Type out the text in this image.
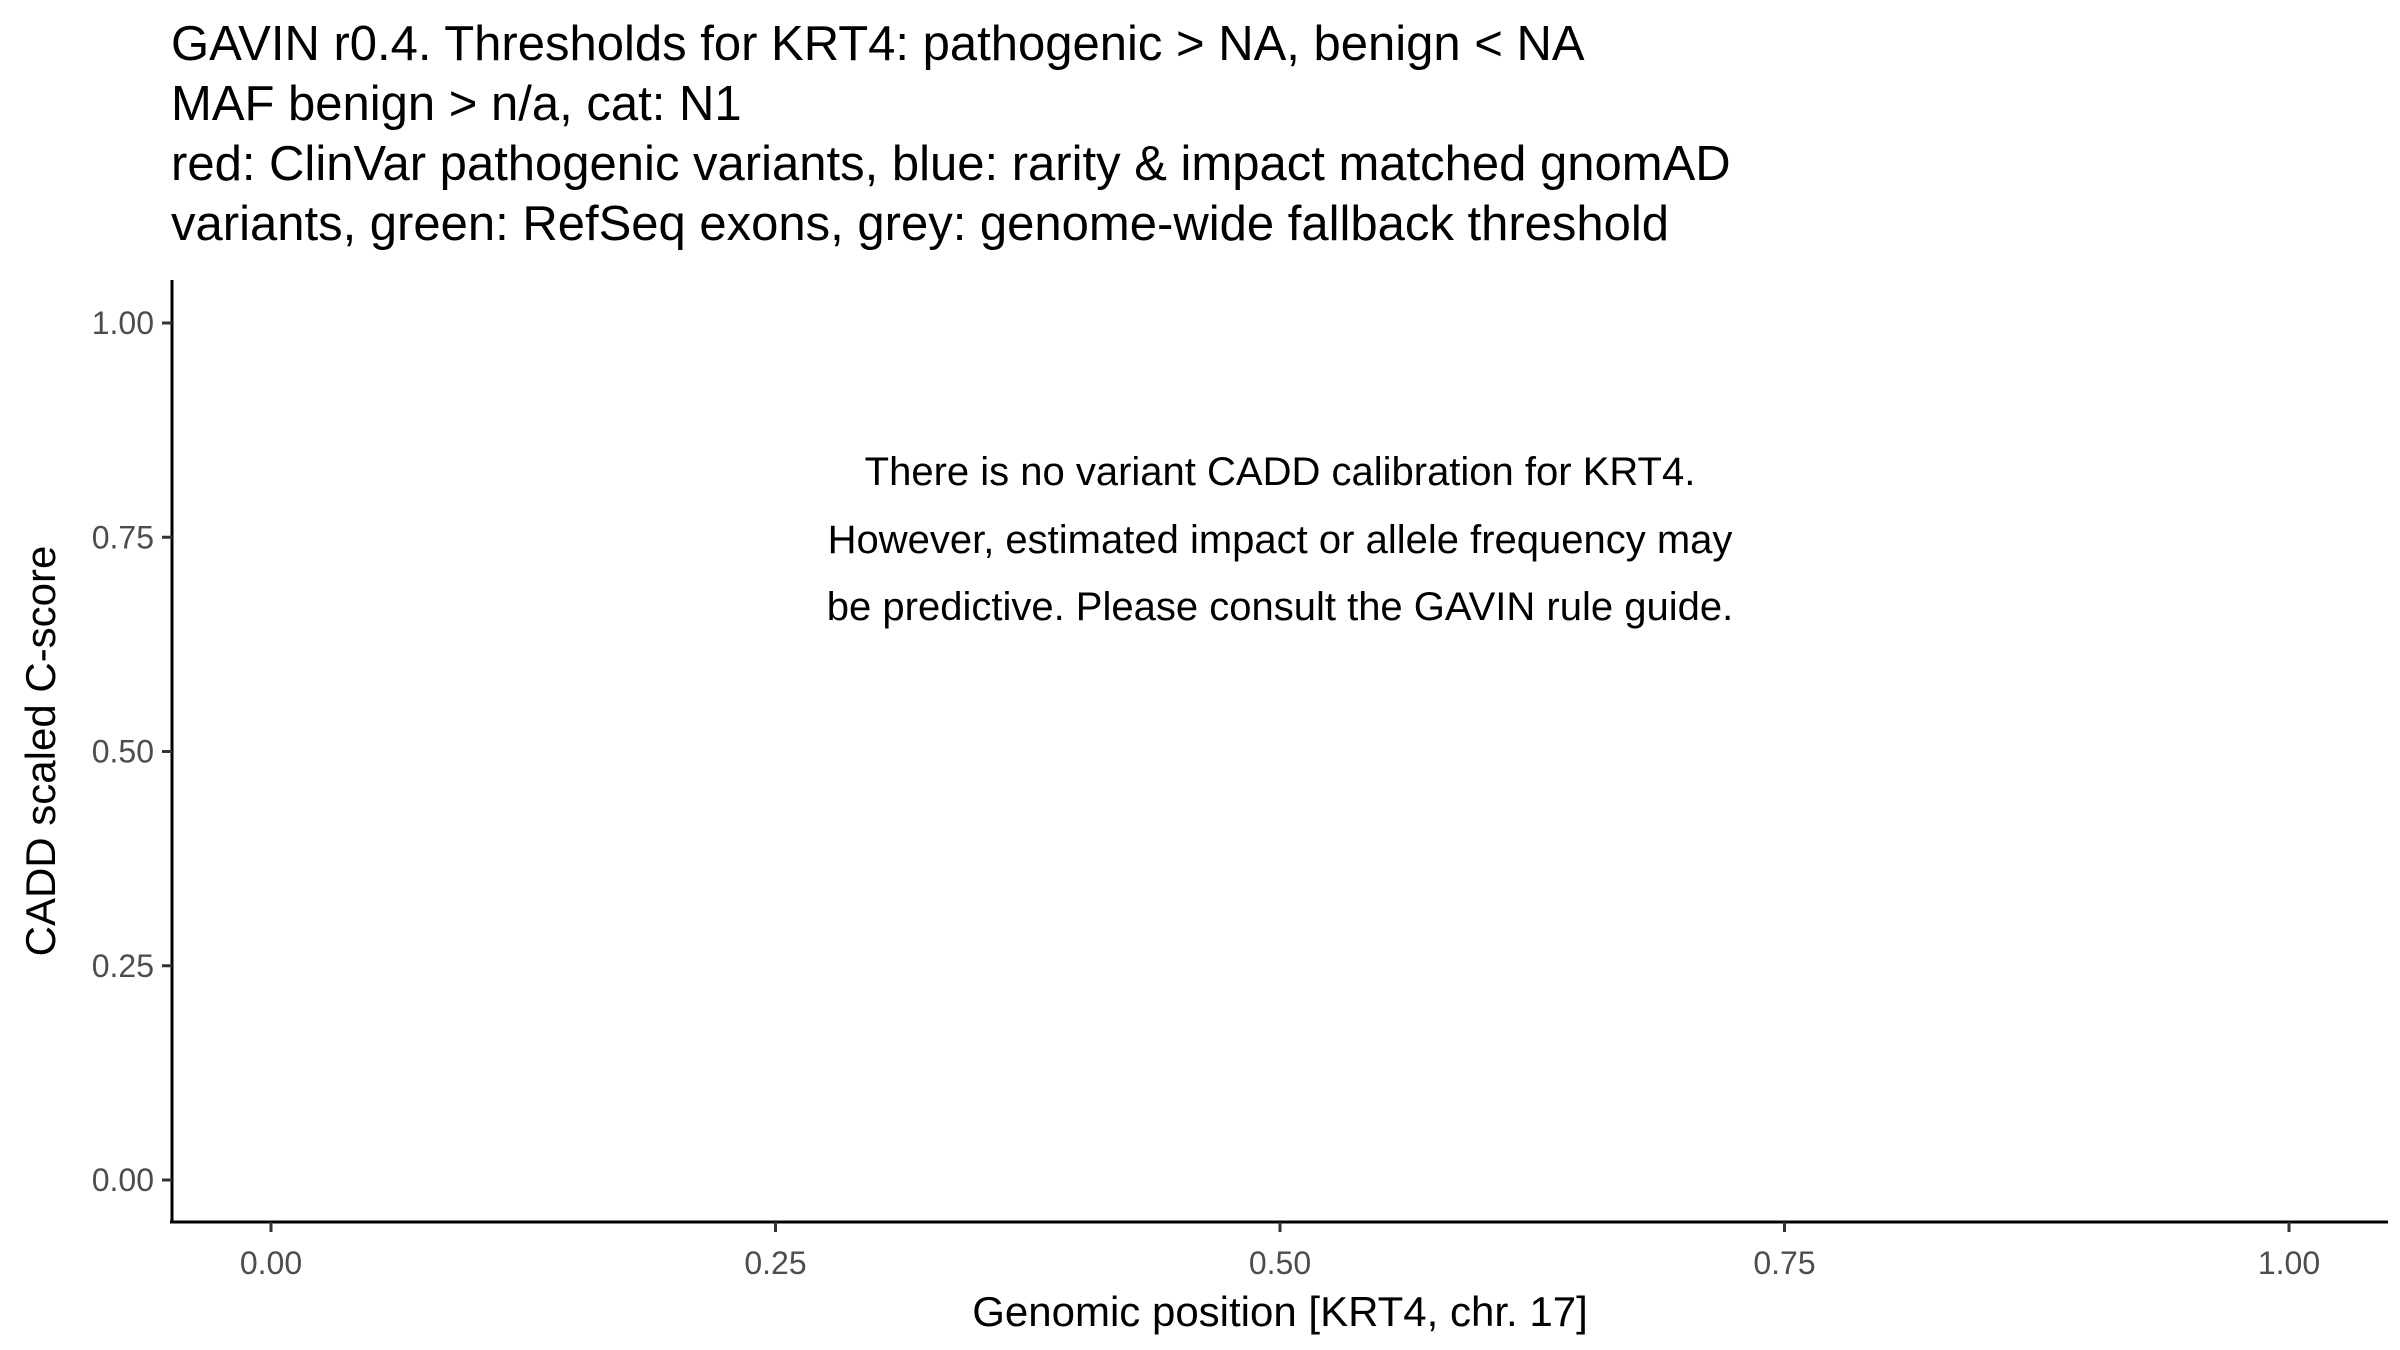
GAVIN r0.4. Thresholds for KRT4: pathogenic > NA, benign < NA
MAF benign > n/a, cat: N1
red: ClinVar pathogenic variants, blue: rarity & impact matched gnomAD
variants, green: RefSeq exons, grey: genome-wide fallback threshold
0.00
0.25
0.50
0.75
1.00
0.00	0.25	0.50	0.75	1.00
There is no variant CADD calibration for KRT4.
However, estimated impact or allele frequency may
be predictive. Please consult the GAVIN rule guide.
Genomic position [KRT4, chr. 17]
CADD scaled C-score
